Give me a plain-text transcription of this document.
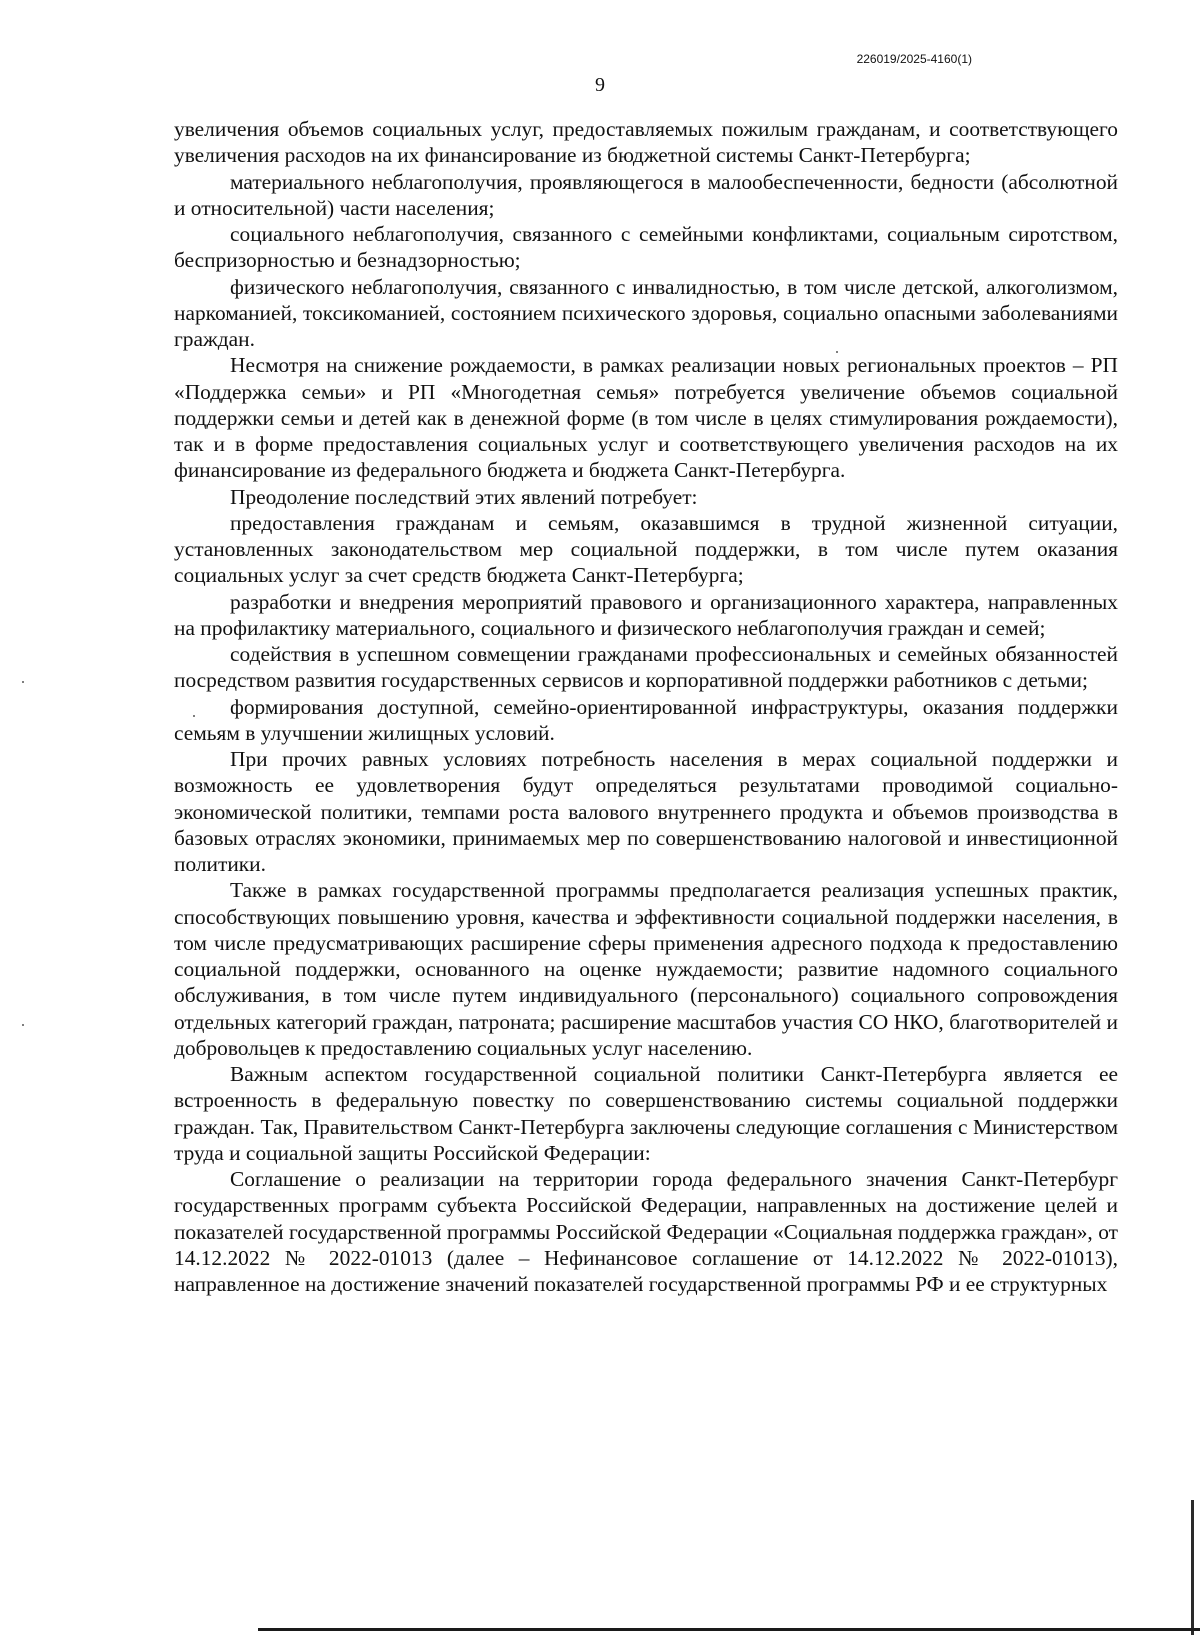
226019/2025-4160(1)
9

увеличения объемов социальных услуг, предоставляемых пожилым гражданам, и соответствующего увеличения расходов на их финансирование из бюджетной системы Санкт-Петербурга;

материального неблагополучия, проявляющегося в малообеспеченности, бедности (абсолютной и относительной) части населения;

социального неблагополучия, связанного с семейными конфликтами, социальным сиротством, беспризорностью и безнадзорностью;

физического неблагополучия, связанного с инвалидностью, в том числе детской, алкоголизмом, наркоманией, токсикоманией, состоянием психического здоровья, социально опасными заболеваниями граждан.

Несмотря на снижение рождаемости, в рамках реализации новых региональных проектов – РП «Поддержка семьи» и РП «Многодетная семья» потребуется увеличение объемов социальной поддержки семьи и детей как в денежной форме (в том числе в целях стимулирования рождаемости), так и в форме предоставления социальных услуг и соответствующего увеличения расходов на их финансирование из федерального бюджета и бюджета Санкт-Петербурга.

Преодоление последствий этих явлений потребует:

предоставления гражданам и семьям, оказавшимся в трудной жизненной ситуации, установленных законодательством мер социальной поддержки, в том числе путем оказания социальных услуг за счет средств бюджета Санкт-Петербурга;

разработки и внедрения мероприятий правового и организационного характера, направленных на профилактику материального, социального и физического неблагополучия граждан и семей;

содействия в успешном совмещении гражданами профессиональных и семейных обязанностей посредством развития государственных сервисов и корпоративной поддержки работников с детьми;

формирования доступной, семейно-ориентированной инфраструктуры, оказания поддержки семьям в улучшении жилищных условий.

При прочих равных условиях потребность населения в мерах социальной поддержки и возможность ее удовлетворения будут определяться результатами проводимой социально-экономической политики, темпами роста валового внутреннего продукта и объемов производства в базовых отраслях экономики, принимаемых мер по совершенствованию налоговой и инвестиционной политики.

Также в рамках государственной программы предполагается реализация успешных практик, способствующих повышению уровня, качества и эффективности социальной поддержки населения, в том числе предусматривающих расширение сферы применения адресного подхода к предоставлению социальной поддержки, основанного на оценке нуждаемости; развитие надомного социального обслуживания, в том числе путем индивидуального (персонального) социального сопровождения отдельных категорий граждан, патроната; расширение масштабов участия СО НКО, благотворителей и добровольцев к предоставлению социальных услуг населению.

Важным аспектом государственной социальной политики Санкт-Петербурга является ее встроенность в федеральную повестку по совершенствованию системы социальной поддержки граждан. Так, Правительством Санкт-Петербурга заключены следующие соглашения с Министерством труда и социальной защиты Российской Федерации:

Соглашение о реализации на территории города федерального значения Санкт-Петербург государственных программ субъекта Российской Федерации, направленных на достижение целей и показателей государственной программы Российской Федерации «Социальная поддержка граждан», от 14.12.2022 № 2022-01013 (далее – Нефинансовое соглашение от 14.12.2022 № 2022-01013), направленное на достижение значений показателей государственной программы РФ и ее структурных
